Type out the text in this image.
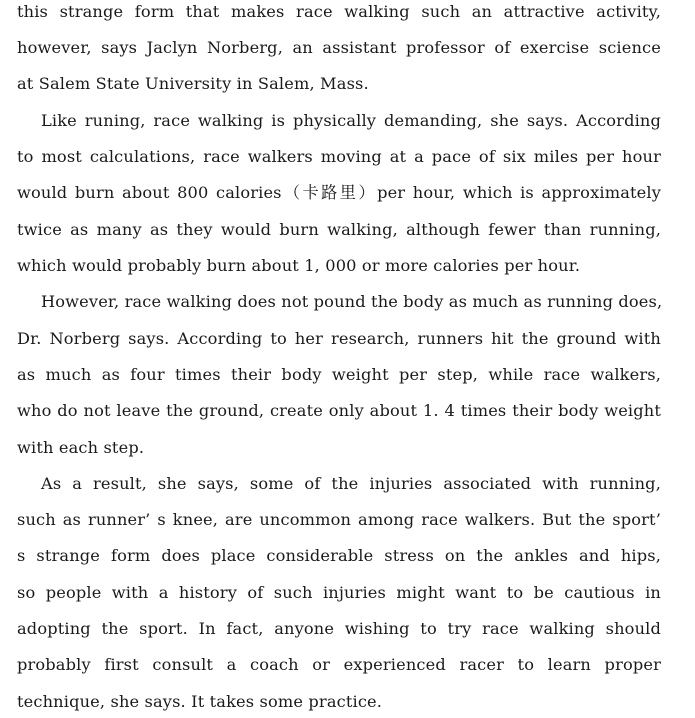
this strange form that makes race walking such an attractive activity,
however, says Jaclyn Norberg, an assistant professor of exercise science
at Salem State University in Salem, Mass.
Like runing, race walking is physically demanding, she says. According
to most calculations, race walkers moving at a pace of six miles per hour
would burn about 800 calories（卡路里）per hour, which is approximately
twice as many as they would burn walking, although fewer than running,
which would probably burn about 1, 000 or more calories per hour.
However, race walking does not pound the body as much as running does,
Dr. Norberg says. According to her research, runners hit the ground with
as much as four times their body weight per step, while race walkers,
who do not leave the ground, create only about 1. 4 times their body weight
with each step.
As a result, she says, some of the injuries associated with running,
such as runner’ s knee, are uncommon among race walkers. But the sport’
s strange form does place considerable stress on the ankles and hips,
so people with a history of such injuries might want to be cautious in
adopting the sport. In fact, anyone wishing to try race walking should
probably first consult a coach or experienced racer to learn proper
technique, she says. It takes some practice.
